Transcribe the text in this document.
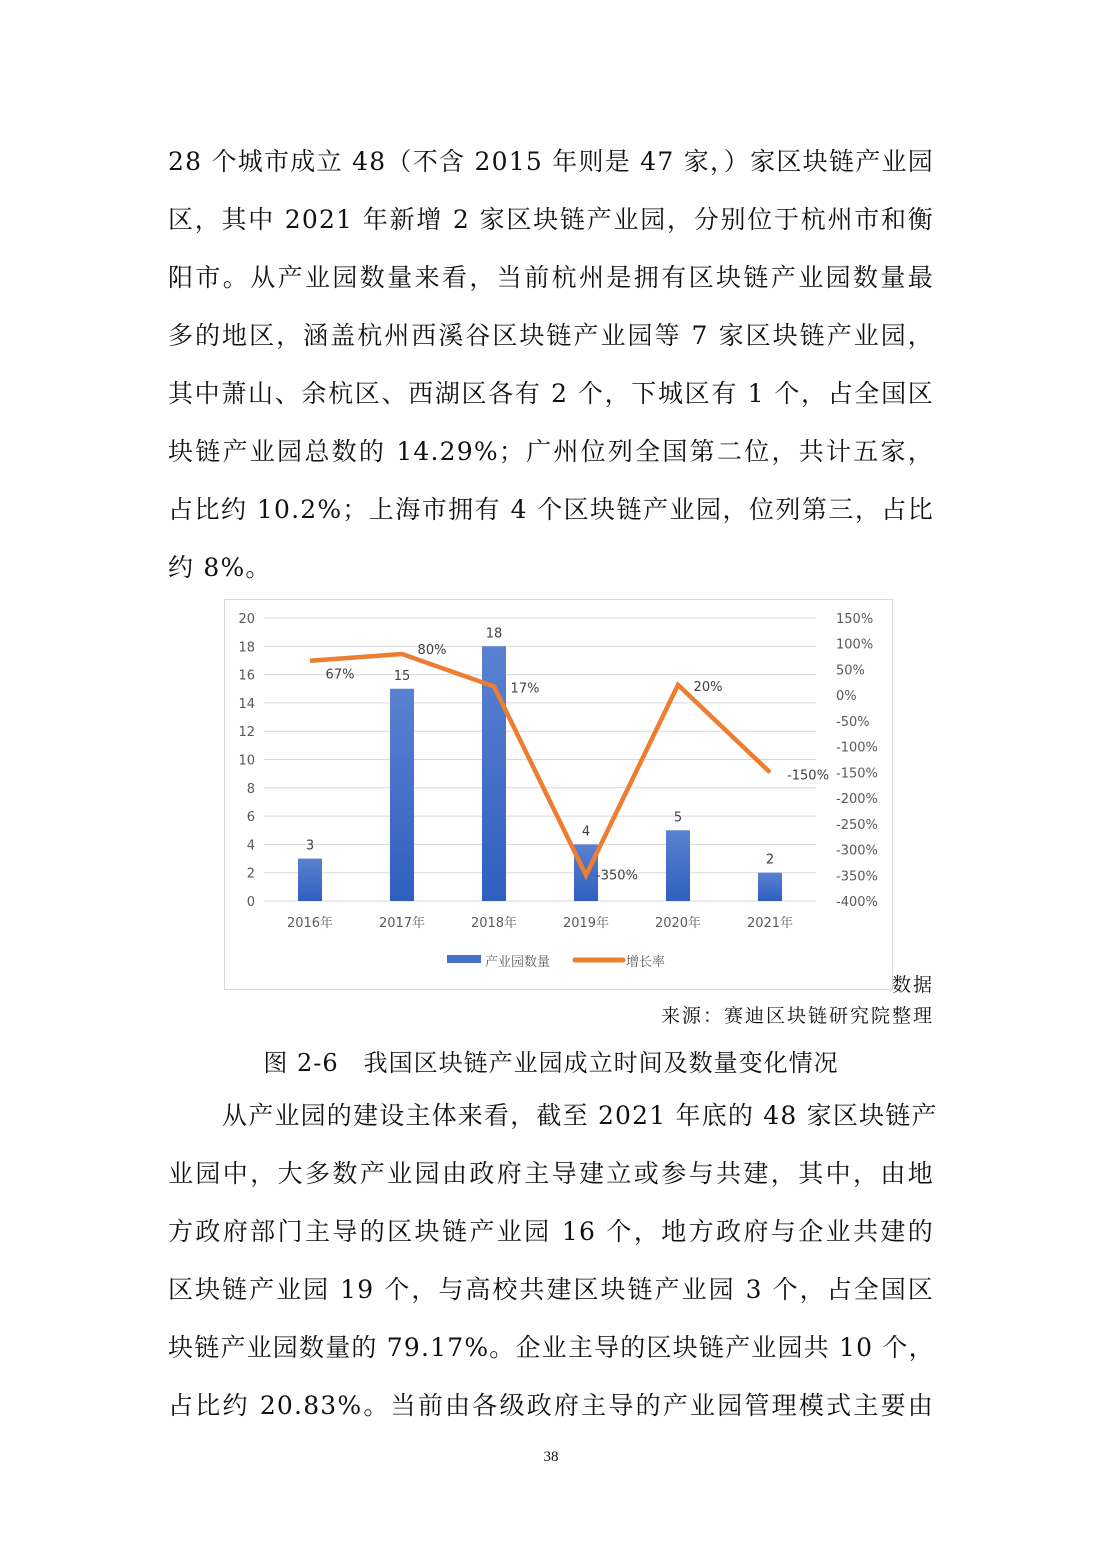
28 个城市成立 48（不含 2015 年则是 47 家，）家区块链产业园
区，其中 2021 年新增 2 家区块链产业园，分别位于杭州市和衡
阳市。从产业园数量来看，当前杭州是拥有区块链产业园数量最
多的地区，涵盖杭州西溪谷区块链产业园等 7 家区块链产业园，
其中萧山、余杭区、西湖区各有 2 个，下城区有 1 个，占全国区
块链产业园总数的 14.29%；广州位列全国第二位，共计五家，
占比约 10.2%；上海市拥有 4 个区块链产业园，位列第三，占比
约 8%。
0
2
4
6
8
10
12
14
16
18
20	150%
100%
50%
0%
-50%
-100%
-150%
-200%
-250%
-300%
-350%
-400%
3
2016年
15
2017年
18
2018年
4
2019年
5
2020年
2
2021年
67%
80%
17%
-350%
20%
-150%
产业园数量	增长率
数据
来源：赛迪区块链研究院整理
图 2-6　我国区块链产业园成立时间及数量变化情况
从产业园的建设主体来看，截至 2021 年底的 48 家区块链产
业园中，大多数产业园由政府主导建立或参与共建，其中，由地
方政府部门主导的区块链产业园 16 个，地方政府与企业共建的
区块链产业园 19 个，与高校共建区块链产业园 3 个，占全国区
块链产业园数量的 79.17%。企业主导的区块链产业园共 10 个，
占比约 20.83%。当前由各级政府主导的产业园管理模式主要由
38
